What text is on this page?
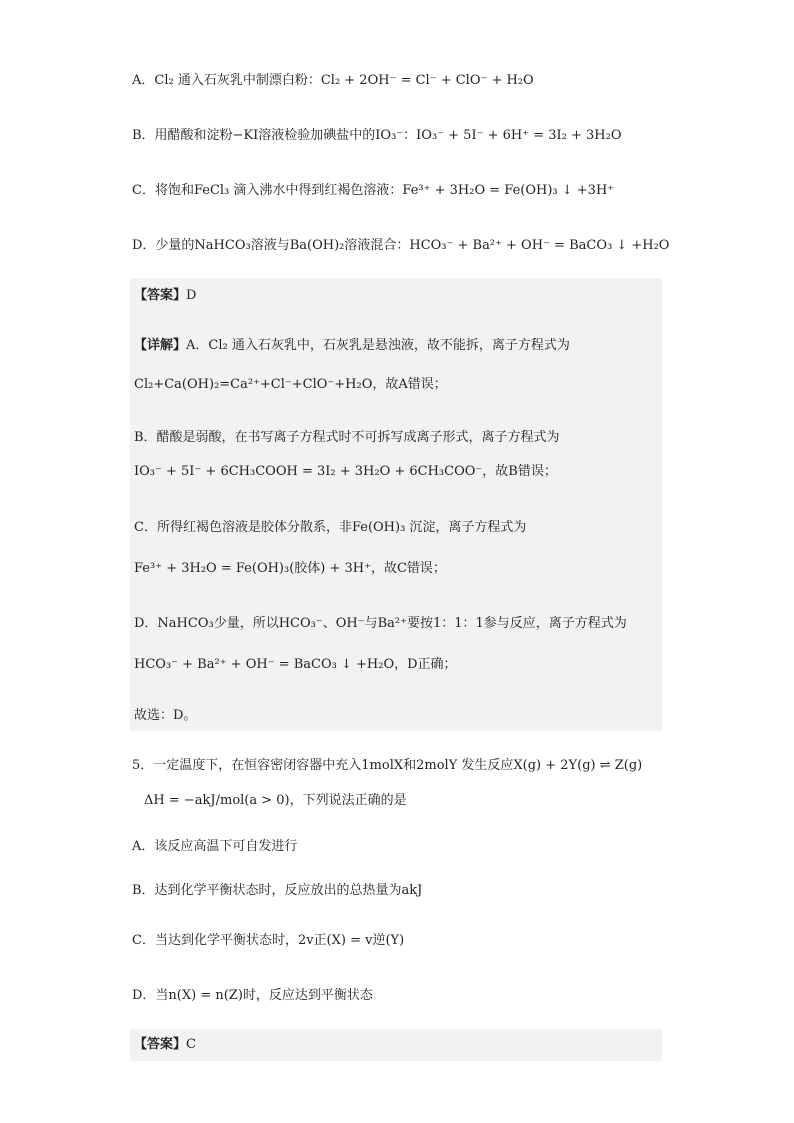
A．Cl₂ 通入石灰乳中制漂白粉：Cl₂ + 2OH⁻ = Cl⁻ + ClO⁻ + H₂O
B．用醋酸和淀粉−KI溶液检验加碘盐中的IO₃⁻：IO₃⁻ + 5I⁻ + 6H⁺ = 3I₂ + 3H₂O
C．将饱和FeCl₃ 滴入沸水中得到红褐色溶液：Fe³⁺ + 3H₂O = Fe(OH)₃ ↓ +3H⁺
D．少量的NaHCO₃溶液与Ba(OH)₂溶液混合：HCO₃⁻ + Ba²⁺ + OH⁻ = BaCO₃ ↓ +H₂O
【答案】D
【详解】A．Cl₂ 通入石灰乳中，石灰乳是悬浊液，故不能拆，离子方程式为
Cl₂+Ca(OH)₂=Ca²⁺+Cl⁻+ClO⁻+H₂O，故A错误；
B．醋酸是弱酸，在书写离子方程式时不可拆写成离子形式，离子方程式为
IO₃⁻ + 5I⁻ + 6CH₃COOH = 3I₂ + 3H₂O + 6CH₃COO⁻，故B错误；
C．所得红褐色溶液是胶体分散系，非Fe(OH)₃ 沉淀，离子方程式为
Fe³⁺ + 3H₂O = Fe(OH)₃(胶体) + 3H⁺，故C错误；
D．NaHCO₃少量，所以HCO₃⁻、OH⁻与Ba²⁺要按1：1：1参与反应，离子方程式为
HCO₃⁻ + Ba²⁺ + OH⁻ = BaCO₃ ↓ +H₂O，D正确；
故选：D。
5．一定温度下，在恒容密闭容器中充入1molX和2molY 发生反应X(g) + 2Y(g) ⇌ Z(g)
ΔH = −akJ/mol(a > 0)，下列说法正确的是
A．该反应高温下可自发进行
B．达到化学平衡状态时，反应放出的总热量为akJ
C．当达到化学平衡状态时，2v正(X) = v逆(Y)
D．当n(X) = n(Z)时，反应达到平衡状态
【答案】C
